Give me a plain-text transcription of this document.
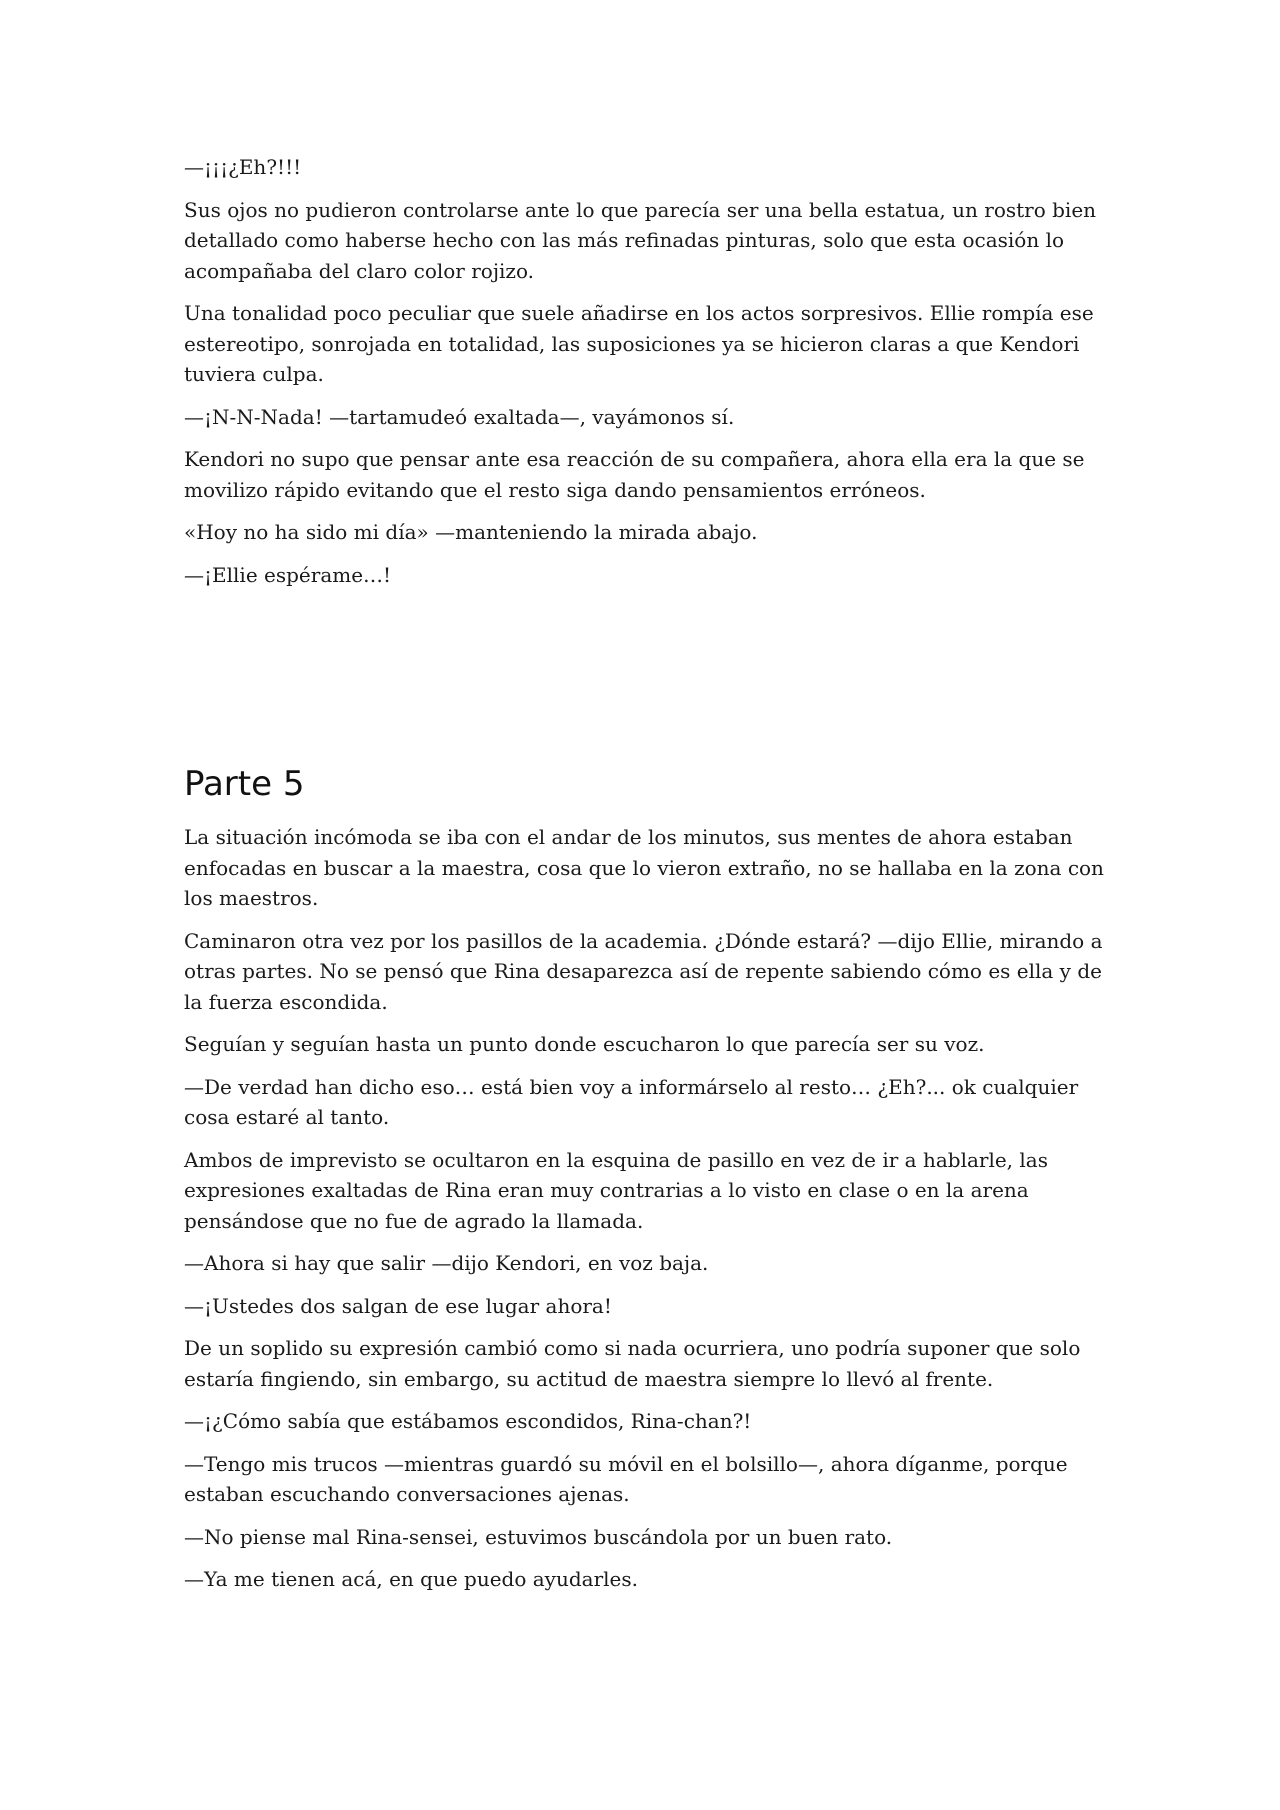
—¡¡¡¿Eh?!!!

Sus ojos no pudieron controlarse ante lo que parecía ser una bella estatua, un rostro bien detallado como haberse hecho con las más refinadas pinturas, solo que esta ocasión lo acompañaba del claro color rojizo.

Una tonalidad poco peculiar que suele añadirse en los actos sorpresivos. Ellie rompía ese estereotipo, sonrojada en totalidad, las suposiciones ya se hicieron claras a que Kendori tuviera culpa.

—¡N-N-Nada! —tartamudeó exaltada—, vayámonos sí.

Kendori no supo que pensar ante esa reacción de su compañera, ahora ella era la que se movilizo rápido evitando que el resto siga dando pensamientos erróneos.

«Hoy no ha sido mi día» —manteniendo la mirada abajo.

—¡Ellie espérame…!

Parte 5

La situación incómoda se iba con el andar de los minutos, sus mentes de ahora estaban enfocadas en buscar a la maestra, cosa que lo vieron extraño, no se hallaba en la zona con los maestros.

Caminaron otra vez por los pasillos de la academia. ¿Dónde estará? —dijo Ellie, mirando a otras partes. No se pensó que Rina desaparezca así de repente sabiendo cómo es ella y de la fuerza escondida.

Seguían y seguían hasta un punto donde escucharon lo que parecía ser su voz.

—De verdad han dicho eso… está bien voy a informárselo al resto… ¿Eh?... ok cualquier cosa estaré al tanto.

Ambos de imprevisto se ocultaron en la esquina de pasillo en vez de ir a hablarle, las expresiones exaltadas de Rina eran muy contrarias a lo visto en clase o en la arena pensándose que no fue de agrado la llamada.

—Ahora si hay que salir —dijo Kendori, en voz baja.

—¡Ustedes dos salgan de ese lugar ahora!

De un soplido su expresión cambió como si nada ocurriera, uno podría suponer que solo estaría fingiendo, sin embargo, su actitud de maestra siempre lo llevó al frente.

—¡¿Cómo sabía que estábamos escondidos, Rina-chan?!

—Tengo mis trucos —mientras guardó su móvil en el bolsillo—, ahora díganme, porque estaban escuchando conversaciones ajenas.

—No piense mal Rina-sensei, estuvimos buscándola por un buen rato.

—Ya me tienen acá, en que puedo ayudarles.
